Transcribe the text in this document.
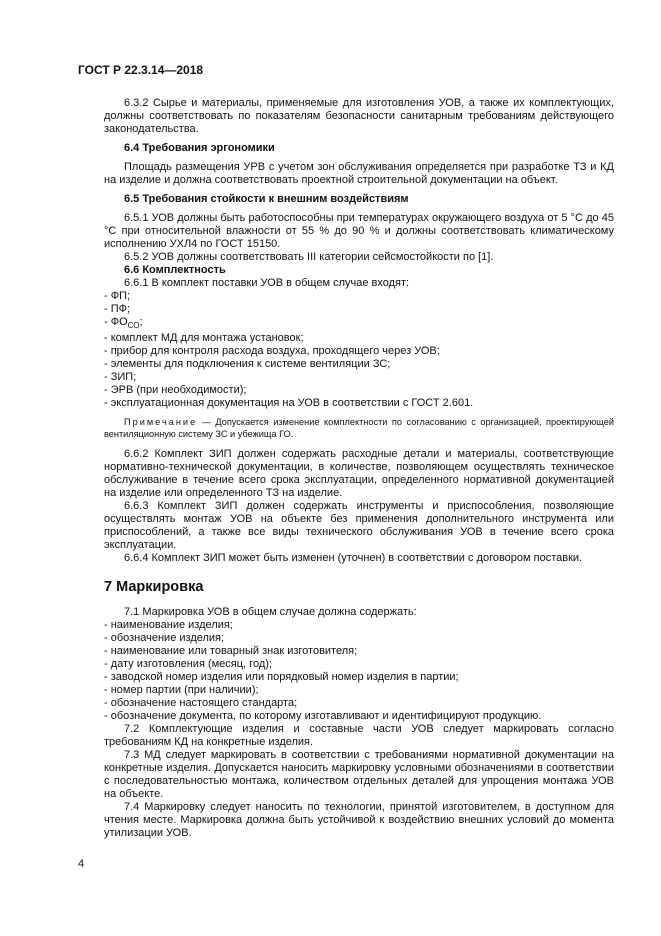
ГОСТ Р 22.3.14—2018

6.3.2 Сырье и материалы, применяемые для изготовления УОВ, а также их комплектующих, должны соответствовать по показателям безопасности санитарным требованиям действующего законодательства.

6.4 Требования эргономики

Площадь размещения УРВ с учетом зон обслуживания определяется при разработке ТЗ и КД на изделие и должна соответствовать проектной строительной документации на объект.

6.5 Требования стойкости к внешним воздействиям

6.5.1 УОВ должны быть работоспособны при температурах окружающего воздуха от 5 °С до 45 °С при относительной влажности от 55 % до 90 % и должны соответствовать климатическому исполнению УХЛ4 по ГОСТ 15150.

6.5.2 УОВ должны соответствовать III категории сейсмостойкости по [1].

6.6 Комплектность

6.6.1 В комплект поставки УОВ в общем случае входят:

- ФП;

- ПФ;

- $ФО_{СО}$;

- комплект МД для монтажа установок;

- прибор для контроля расхода воздуха, проходящего через УОВ;

- элементы для подключения к системе вентиляции ЗС;

- ЗИП;

- ЭРВ (при необходимости);

- эксплуатационная документация на УОВ в соответствии с ГОСТ 2.601.

Примечание — Допускается изменение комплектности по согласованию с организацией, проектирующей вентиляционную систему ЗС и убежища ГО.

6.6.2 Комплект ЗИП должен содержать расходные детали и материалы, соответствующие нормативно-технической документации, в количестве, позволяющем осуществлять техническое обслуживание в течение всего срока эксплуатации, определенного нормативной документацией на изделие или определенного ТЗ на изделие.

6.6.3 Комплект ЗИП должен содержать инструменты и приспособления, позволяющие осуществлять монтаж УОВ на объекте без применения дополнительного инструмента или приспособлений, а также все виды технического обслуживания УОВ в течение всего срока эксплуатации.

6.6.4 Комплект ЗИП может быть изменен (уточнен) в соответствии с договором поставки.

7 Маркировка

7.1 Маркировка УОВ в общем случае должна содержать:

- наименование изделия;

- обозначение изделия;

- наименование или товарный знак изготовителя;

- дату изготовления (месяц, год);

- заводской номер изделия или порядковый номер изделия в партии;

- номер партии (при наличии);

- обозначение настоящего стандарта;

- обозначение документа, по которому изготавливают и идентифицируют продукцию.

7.2 Комплектующие изделия и составные части УОВ следует маркировать согласно требованиям КД на конкретные изделия.

7.3 МД следует маркировать в соответствии с требованиями нормативной документации на конкретные изделия. Допускается наносить маркировку условными обозначениями в соответствии с последовательностью монтажа, количеством отдельных деталей для упрощения монтажа УОВ на объекте.

7.4 Маркировку следует наносить по технологии, принятой изготовителем, в доступном для чтения месте. Маркировка должна быть устойчивой к воздействию внешних условий до момента утилизации УОВ.

4
